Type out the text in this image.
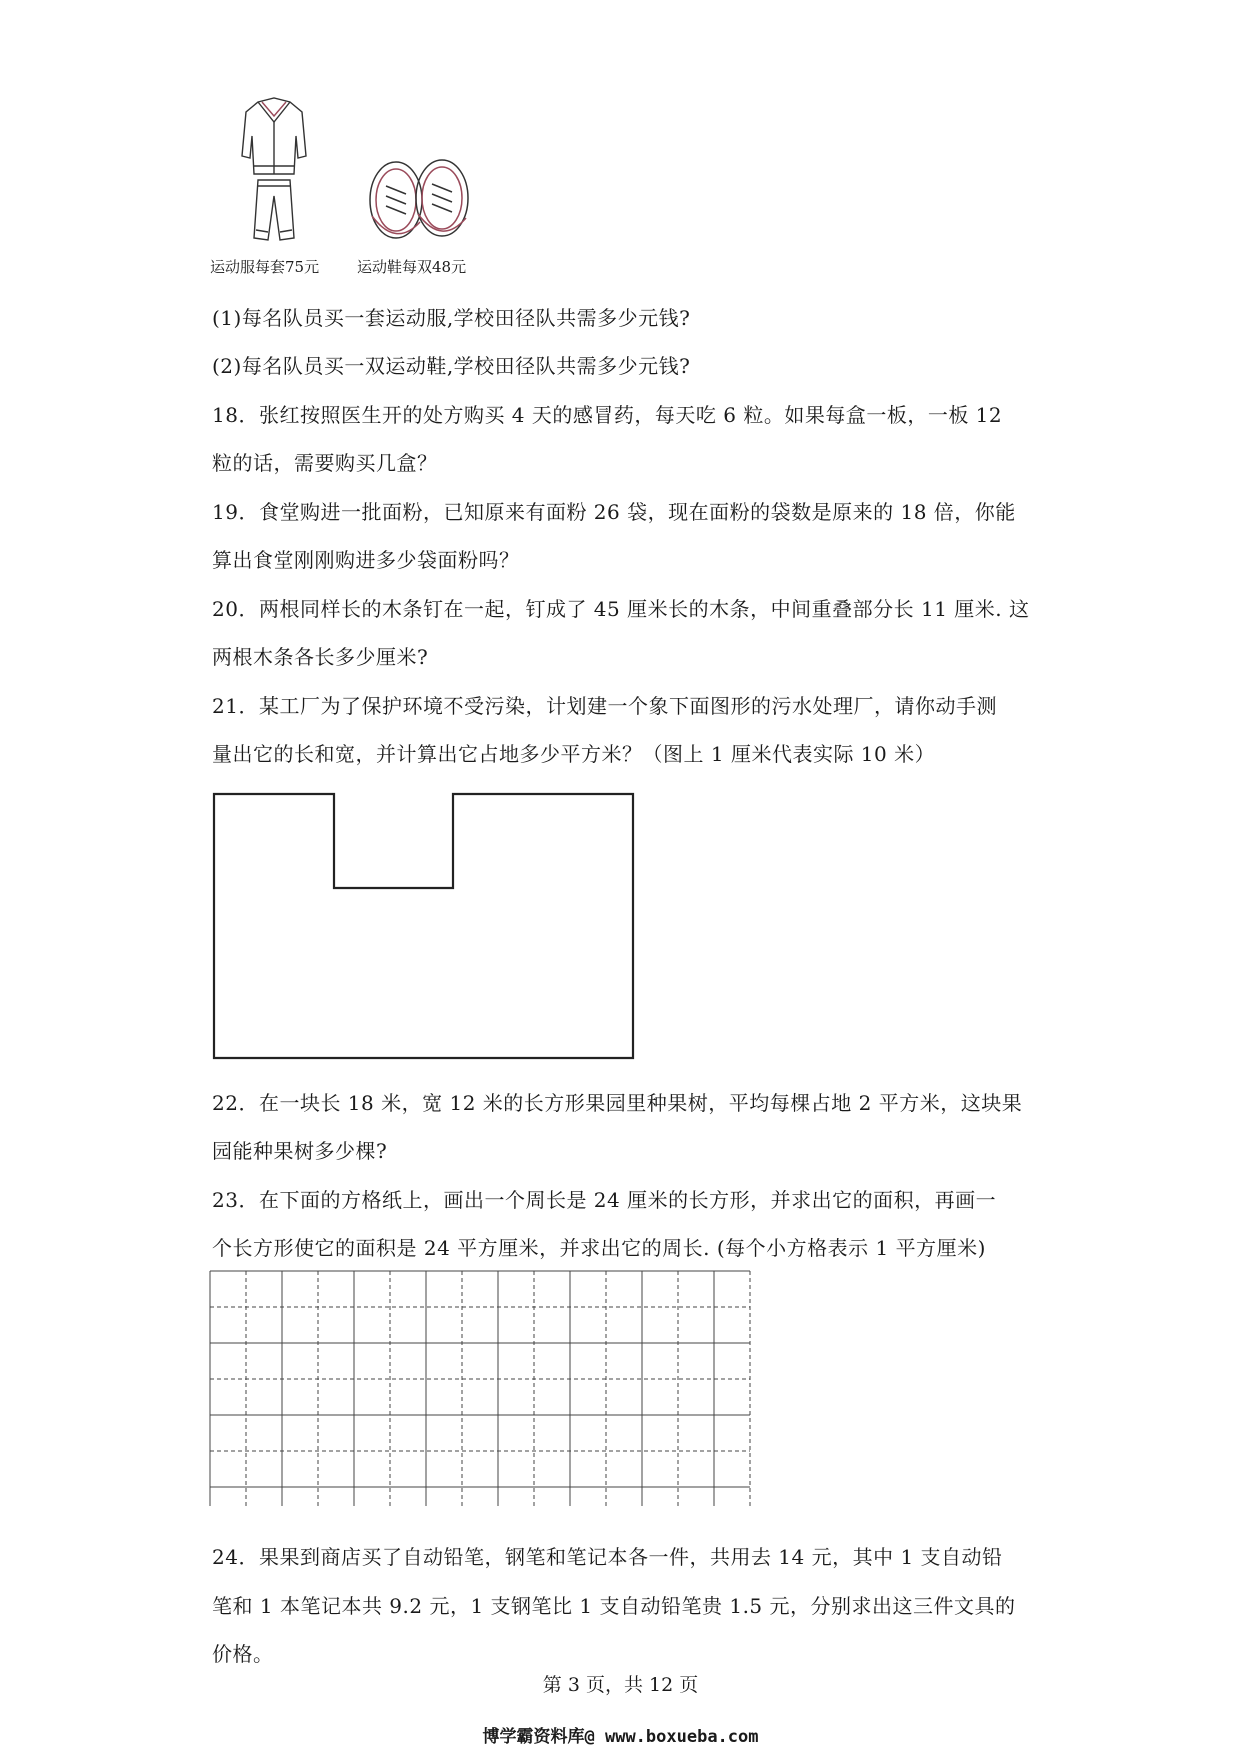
运动服每套75元	运动鞋每双48元
(1)每名队员买一套运动服,学校田径队共需多少元钱?
(2)每名队员买一双运动鞋,学校田径队共需多少元钱?
18．张红按照医生开的处方购买 4 天的感冒药，每天吃 6 粒。如果每盒一板，一板 12
粒的话，需要购买几盒？
19．食堂购进一批面粉，已知原来有面粉 26 袋，现在面粉的袋数是原来的 18 倍，你能
算出食堂刚刚购进多少袋面粉吗？
20．两根同样长的木条钉在一起，钉成了 45 厘米长的木条，中间重叠部分长 11 厘米. 这
两根木条各长多少厘米?
21．某工厂为了保护环境不受污染，计划建一个象下面图形的污水处理厂，请你动手测
量出它的长和宽，并计算出它占地多少平方米？（图上 1 厘米代表实际 10 米）
22．在一块长 18 米，宽 12 米的长方形果园里种果树，平均每棵占地 2 平方米，这块果
园能种果树多少棵?
23．在下面的方格纸上，画出一个周长是 24 厘米的长方形，并求出它的面积，再画一
个长方形使它的面积是 24 平方厘米，并求出它的周长. (每个小方格表示 1 平方厘米)
24．果果到商店买了自动铅笔，钢笔和笔记本各一件，共用去 14 元，其中 1 支自动铅
笔和 1 本笔记本共 9.2 元，1 支钢笔比 1 支自动铅笔贵 1.5 元，分别求出这三件文具的
价格。
第 3 页，共 12 页
博学霸资料库@ www.boxueba.com
